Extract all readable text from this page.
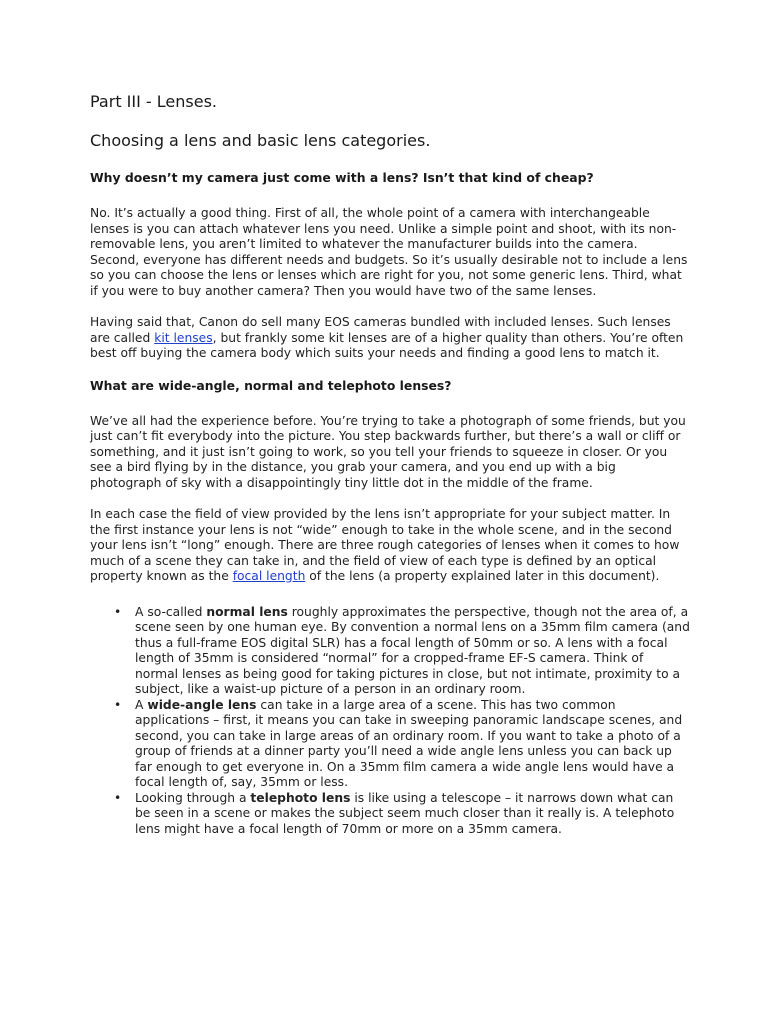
Part III - Lenses.
Choosing a lens and basic lens categories.
Why doesn’t my camera just come with a lens? Isn’t that kind of cheap?

No. It’s actually a good thing. First of all, the whole point of a camera with interchangeable lenses is you can attach whatever lens you need. Unlike a simple point and shoot, with its non-removable lens, you aren’t limited to whatever the manufacturer builds into the camera. Second, everyone has different needs and budgets. So it’s usually desirable not to include a lens so you can choose the lens or lenses which are right for you, not some generic lens. Third, what if you were to buy another camera? Then you would have two of the same lenses.

Having said that, Canon do sell many EOS cameras bundled with included lenses. Such lenses are called kit lenses, but frankly some kit lenses are of a higher quality than others. You’re often best off buying the camera body which suits your needs and finding a good lens to match it.

What are wide-angle, normal and telephoto lenses?

We’ve all had the experience before. You’re trying to take a photograph of some friends, but you just can’t fit everybody into the picture. You step backwards further, but there’s a wall or cliff or something, and it just isn’t going to work, so you tell your friends to squeeze in closer. Or you see a bird flying by in the distance, you grab your camera, and you end up with a big photograph of sky with a disappointingly tiny little dot in the middle of the frame.

In each case the field of view provided by the lens isn’t appropriate for your subject matter. In the first instance your lens is not “wide” enough to take in the whole scene, and in the second your lens isn’t “long” enough. There are three rough categories of lenses when it comes to how much of a scene they can take in, and the field of view of each type is defined by an optical property known as the focal length of the lens (a property explained later in this document).

• A so-called normal lens roughly approximates the perspective, though not the area of, a scene seen by one human eye. By convention a normal lens on a 35mm film camera (and thus a full-frame EOS digital SLR) has a focal length of 50mm or so. A lens with a focal length of 35mm is considered “normal” for a cropped-frame EF-S camera. Think of normal lenses as being good for taking pictures in close, but not intimate, proximity to a subject, like a waist-up picture of a person in an ordinary room.
• A wide-angle lens can take in a large area of a scene. This has two common applications – first, it means you can take in sweeping panoramic landscape scenes, and second, you can take in large areas of an ordinary room. If you want to take a photo of a group of friends at a dinner party you’ll need a wide angle lens unless you can back up far enough to get everyone in. On a 35mm film camera a wide angle lens would have a focal length of, say, 35mm or less.
• Looking through a telephoto lens is like using a telescope – it narrows down what can be seen in a scene or makes the subject seem much closer than it really is. A telephoto lens might have a focal length of 70mm or more on a 35mm camera.
